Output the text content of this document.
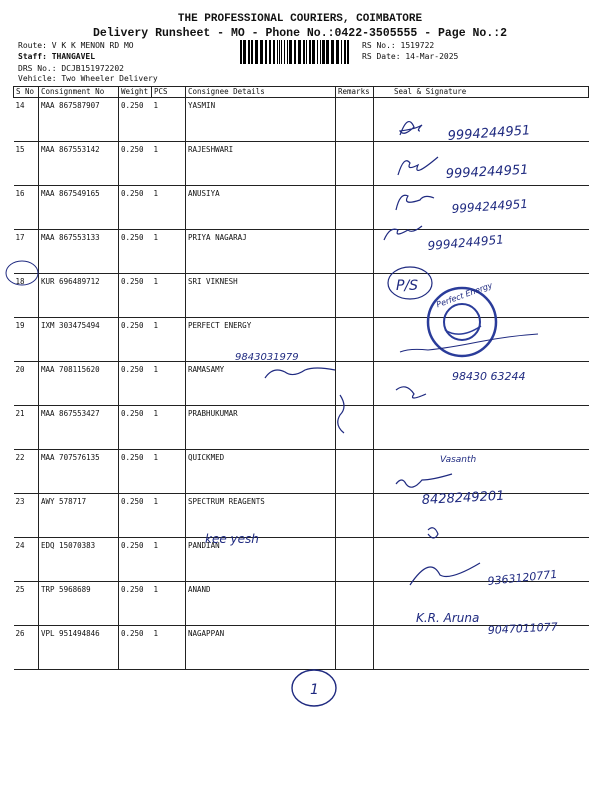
THE PROFESSIONAL COURIERS, COIMBATORE
Delivery Runsheet - MO - Phone No.:0422-3505555 - Page No.:2
Route: V K K MENON RD MO
Staff: THANGAVEL
DRS No.: DCJB151972202
Vehicle: Two Wheeler Delivery
RS No.: 1519722
RS Date: 14-Mar-2025
S No	Consignment No	Weight	PCS	Consignee Details	Remarks	Seal & Signature
14	MAA 867587907	0.250	1	YASMIN		
15	MAA 867553142	0.250	1	RAJESHWARI		
16	MAA 867549165	0.250	1	ANUSIYA		
17	MAA 867553133	0.250	1	PRIYA NAGARAJ		
18	KUR 696489712	0.250	1	SRI VIKNESH		
19	IXM 303475494	0.250	1	PERFECT ENERGY		
20	MAA 708115620	0.250	1	RAMASAMY		
21	MAA 867553427	0.250	1	PRABHUKUMAR		
22	MAA 707576135	0.250	1	QUICKMED		
23	AWY 578717	0.250	1	SPECTRUM REAGENTS		
24	EDQ 15070383	0.250	1	PANDIAN		
25	TRP 5968689	0.250	1	ANAND		
26	VPL 951494846	0.250	1	NAGAPPAN		
9994244951
9994244951
9994244951
9994244951
P/S Perfect Energy
9843031979
98430 63244
Vasanth
8428249201
kee yesh
9363120771
K.R. Aruna
9047011077
1
